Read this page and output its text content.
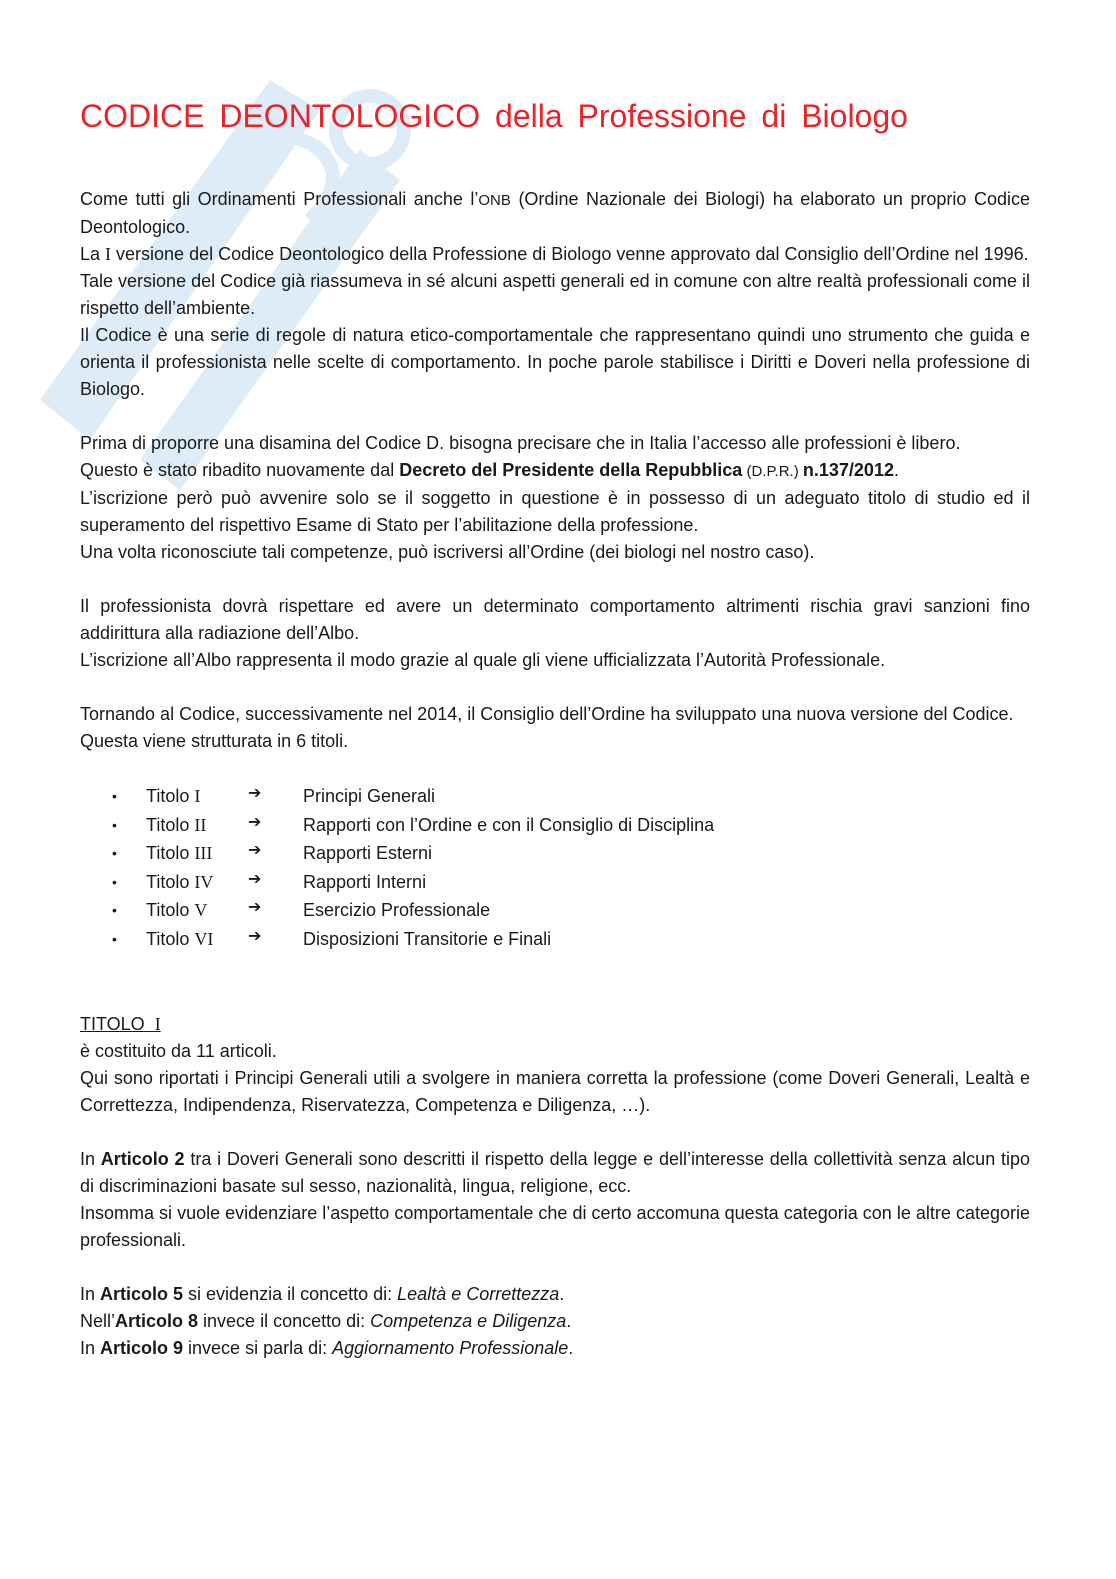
CODICE DEONTOLOGICO della Professione di Biologo

Come tutti gli Ordinamenti Professionali anche l’ONB (Ordine Nazionale dei Biologi) ha elaborato un proprio Codice Deontologico.

La I versione del Codice Deontologico della Professione di Biologo venne approvato dal Consiglio dell’Ordine nel 1996.

Tale versione del Codice già riassumeva in sé alcuni aspetti generali ed in comune con altre realtà professionali come il rispetto dell’ambiente.

Il Codice è una serie di regole di natura etico-comportamentale che rappresentano quindi uno strumento che guida e orienta il professionista nelle scelte di comportamento. In poche parole stabilisce i Diritti e Doveri nella professione di Biologo.

Prima di proporre una disamina del Codice D. bisogna precisare che in Italia l’accesso alle professioni è libero.

Questo è stato ribadito nuovamente dal Decreto del Presidente della Repubblica (D.P.R.) n.137/2012.

L’iscrizione però può avvenire solo se il soggetto in questione è in possesso di un adeguato titolo di studio ed il superamento del rispettivo Esame di Stato per l’abilitazione della professione.

Una volta riconosciute tali competenze, può iscriversi all’Ordine (dei biologi nel nostro caso).

Il professionista dovrà rispettare ed avere un determinato comportamento altrimenti rischia gravi sanzioni fino addirittura alla radiazione dell’Albo.

L’iscrizione all’Albo rappresenta il modo grazie al quale gli viene ufficializzata l’Autorità Professionale.

Tornando al Codice, successivamente nel 2014, il Consiglio dell’Ordine ha sviluppato una nuova versione del Codice.

Questa viene strutturata in 6 titoli.

• Titolo I	➔ Principi Generali
• Titolo II	➔ Rapporti con l’Ordine e con il Consiglio di Disciplina
• Titolo III ➔ Rapporti Esterni
• Titolo IV ➔ Rapporti Interni
• Titolo V	➔ Esercizio Professionale
• Titolo VI ➔ Disposizioni Transitorie e Finali

TITOLO I

è costituito da 11 articoli.

Qui sono riportati i Principi Generali utili a svolgere in maniera corretta la professione (come Doveri Generali, Lealtà e Correttezza, Indipendenza, Riservatezza, Competenza e Diligenza, …).

In Articolo 2 tra i Doveri Generali sono descritti il rispetto della legge e dell’interesse della collettività senza alcun tipo di discriminazioni basate sul sesso, nazionalità, lingua, religione, ecc.

Insomma si vuole evidenziare l’aspetto comportamentale che di certo accomuna questa categoria con le altre categorie professionali.

In Articolo 5 si evidenzia il concetto di: Lealtà e Correttezza.

Nell’Articolo 8 invece il concetto di: Competenza e Diligenza.

In Articolo 9 invece si parla di: Aggiornamento Professionale.
